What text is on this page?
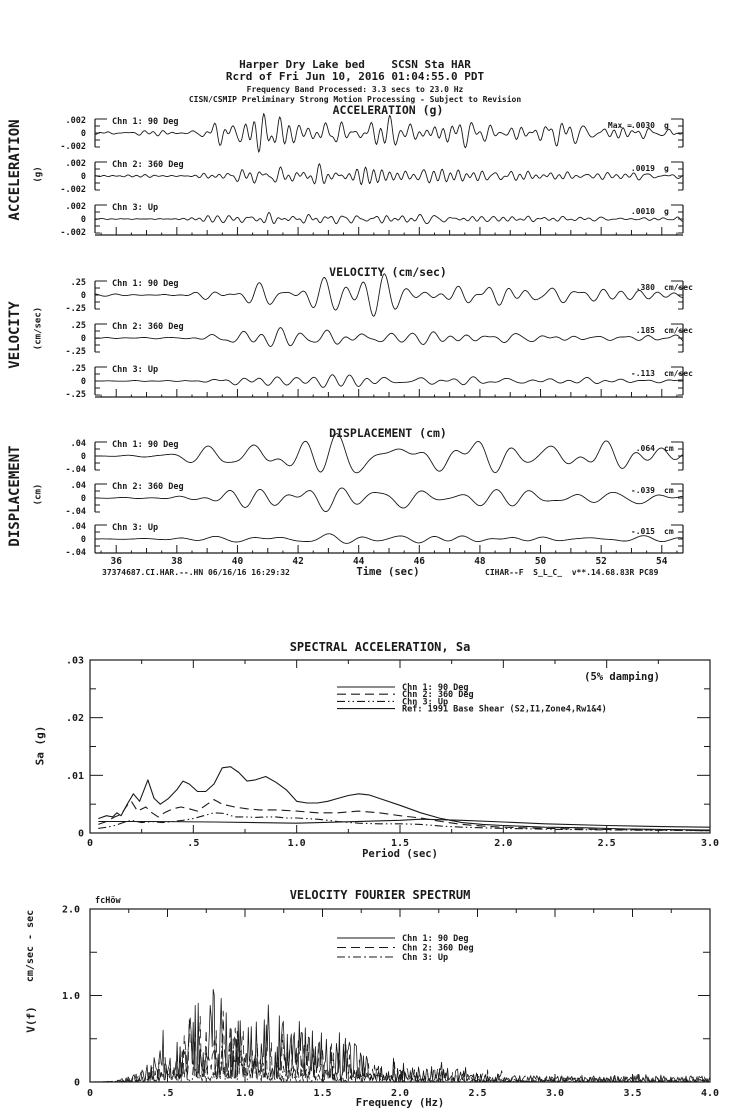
.002
0
-.002
Chn 1: 90 Deg	Max =
.0030 g
.002
0
-.002
Chn 2: 360 Deg	.0019 g
.002
0
-.002
Chn 3: Up	.0010 g
.25
0
-.25
Chn 1: 90 Deg	.380 cm/sec
.25
0
-.25
Chn 2: 360 Deg	.185 cm/sec
.25
0
-.25
Chn 3: Up	-.113 cm/sec
.04
0
-.04
Chn 1: 90 Deg	.064 cm
.04
0
-.04
Chn 2: 360 Deg	-.039 cm
.04
0
-.04
Chn 3: Up	-.015 cm
36	38	40	42	44	46	48	50	52	54
0	.5	1.0	1.5	2.0	2.5	3.0
0
.01
.02
.03
Chn 1: 90 Deg
Chn 2: 360 Deg
Chn 3: Up
Ref: 1991 Base Shear (S2,I1,Zone4,Rw1&4)
0	.5	1.0	1.5	2.0	2.5	3.0	3.5	4.0
0
1.0
2.0
Chn 1: 90 Deg
Chn 2: 360 Deg
Chn 3: Up
Harper Dry Lake bed    SCSN Sta HAR
Rcrd of Fri Jun 10, 2016 01:04:55.0 PDT
Frequency Band Processed: 3.3 secs to 23.0 Hz
CISN/CSMIP Preliminary Strong Motion Processing - Subject to Revision
ACCELERATION (g)
VELOCITY (cm/sec)
DISPLACEMENT (cm)
ACCELERATION (g)
VELOCITY (cm/sec)
DISPLACEMENT (cm)
Time (sec)
37374687.CI.HAR.--.HN 06/16/16 16:29:32	CIHAR--F  S_L_C_  v**.14.68.83R PC89
SPECTRAL ACCELERATION, Sa
(5% damping)
Sa (g)
Period (sec)
VELOCITY FOURIER SPECTRUM
fcHöw
cm/sec - sec
V(f)
Frequency (Hz)
